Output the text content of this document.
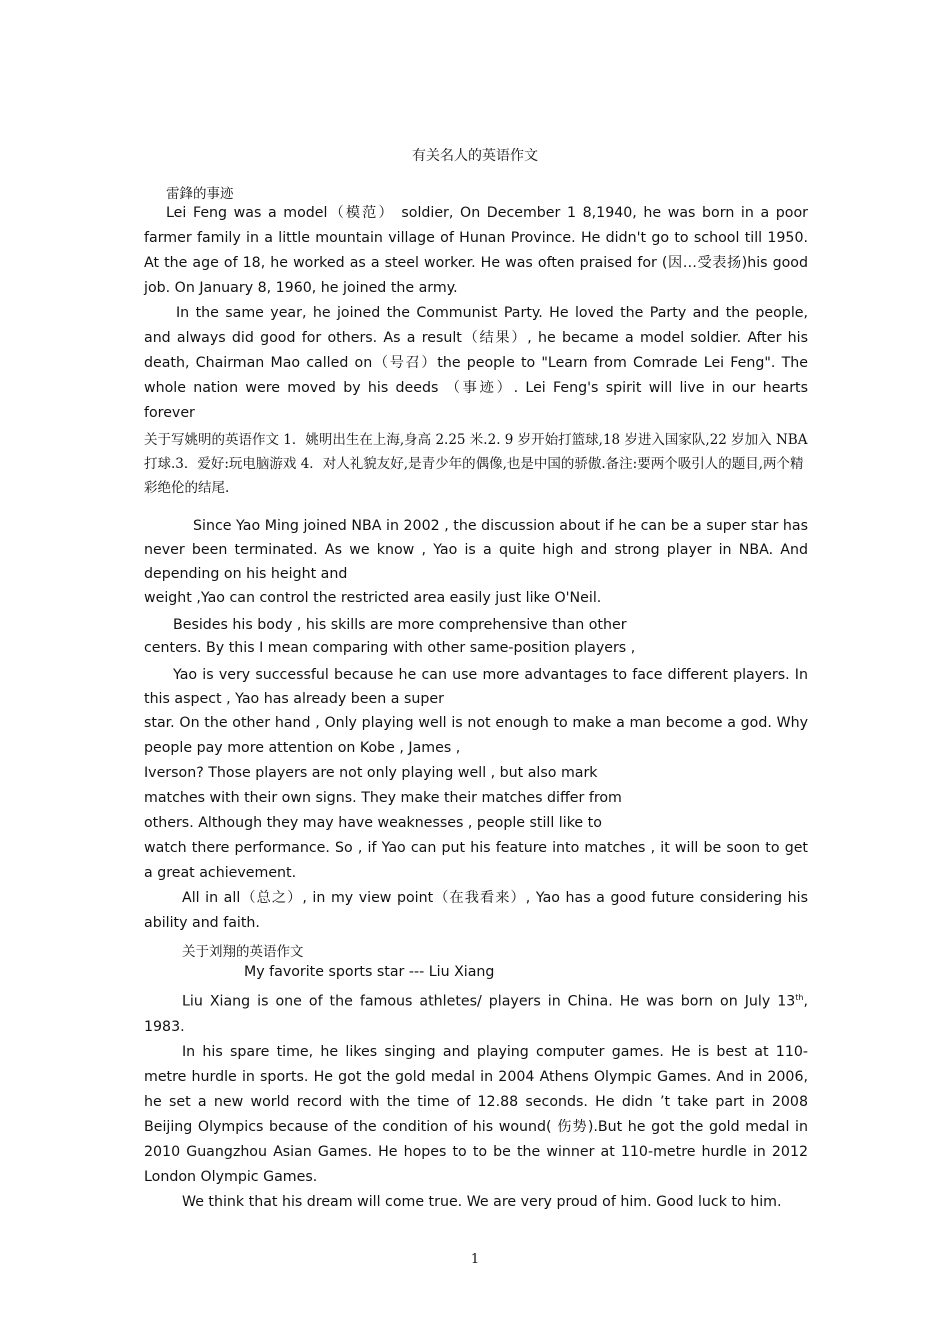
有关名人的英语作文
雷鋒的事迹

Lei Feng was a model（模范） soldier, On December 1 8,1940, he was born in a poor farmer family in a little mountain village of Hunan Province. He didn't go to school till 1950. At the age of 18, he worked as a steel worker. He was often praised for (因…受表扬)his good job. On January 8, 1960, he joined the army.

In the same year, he joined the Communist Party. He loved the Party and the people, and always did good for others. As a result（结果）, he became a model soldier. After his death, Chairman Mao called on（号召）the people to "Learn from Comrade Lei Feng". The whole nation were moved by his deeds （事迹）. Lei Feng's spirit will live in our hearts forever

关于写姚明的英语作文 1．姚明出生在上海,身高 2.25 米.2. 9 岁开始打篮球,18 岁进入国家队,22 岁加入 NBA 打球.3．爱好:玩电脑游戏 4．对人礼貌友好,是青少年的偶像,也是中国的骄傲.备注:要两个吸引人的题目,两个精彩绝伦的结尾.

Since Yao Ming joined NBA in 2002 , the discussion about if he can be a super star has never been terminated. As we know , Yao is a quite high and strong player in NBA. And depending on his height and

weight ,Yao can control the restricted area easily just like O'Neil.

Besides his body , his skills are more comprehensive than other

centers. By this I mean comparing with other same-position players ,

Yao is very successful because he can use more advantages to face different players. In this aspect , Yao has already been a super

star. On the other hand , Only playing well is not enough to make a man become a god. Why people pay more attention on Kobe , James ,

Iverson? Those players are not only playing well , but also mark

matches with their own signs. They make their matches differ from

others. Although they may have weaknesses , people still like to

watch there performance. So , if Yao can put his feature into matches , it will be soon to get a great achievement.

All in all（总之）, in my view point（在我看来）, Yao has a good future considering his ability and faith.

关于刘翔的英语作文

My favorite sports star --- Liu Xiang

Liu Xiang is one of the famous athletes/ players in China. He was born on July 13th, 1983.

In his spare time, he likes singing and playing computer games. He is best at 110-metre hurdle in sports. He got the gold medal in 2004 Athens Olympic Games. And in 2006, he set a new world record with the time of 12.88 seconds. He didn ’t take part in 2008 Beijing Olympics because of the condition of his wound( 伤势).But he got the gold medal in 2010 Guangzhou Asian Games. He hopes to to be the winner at 110-metre hurdle in 2012 London Olympic Games.

We think that his dream will come true. We are very proud of him. Good luck to him.

1
